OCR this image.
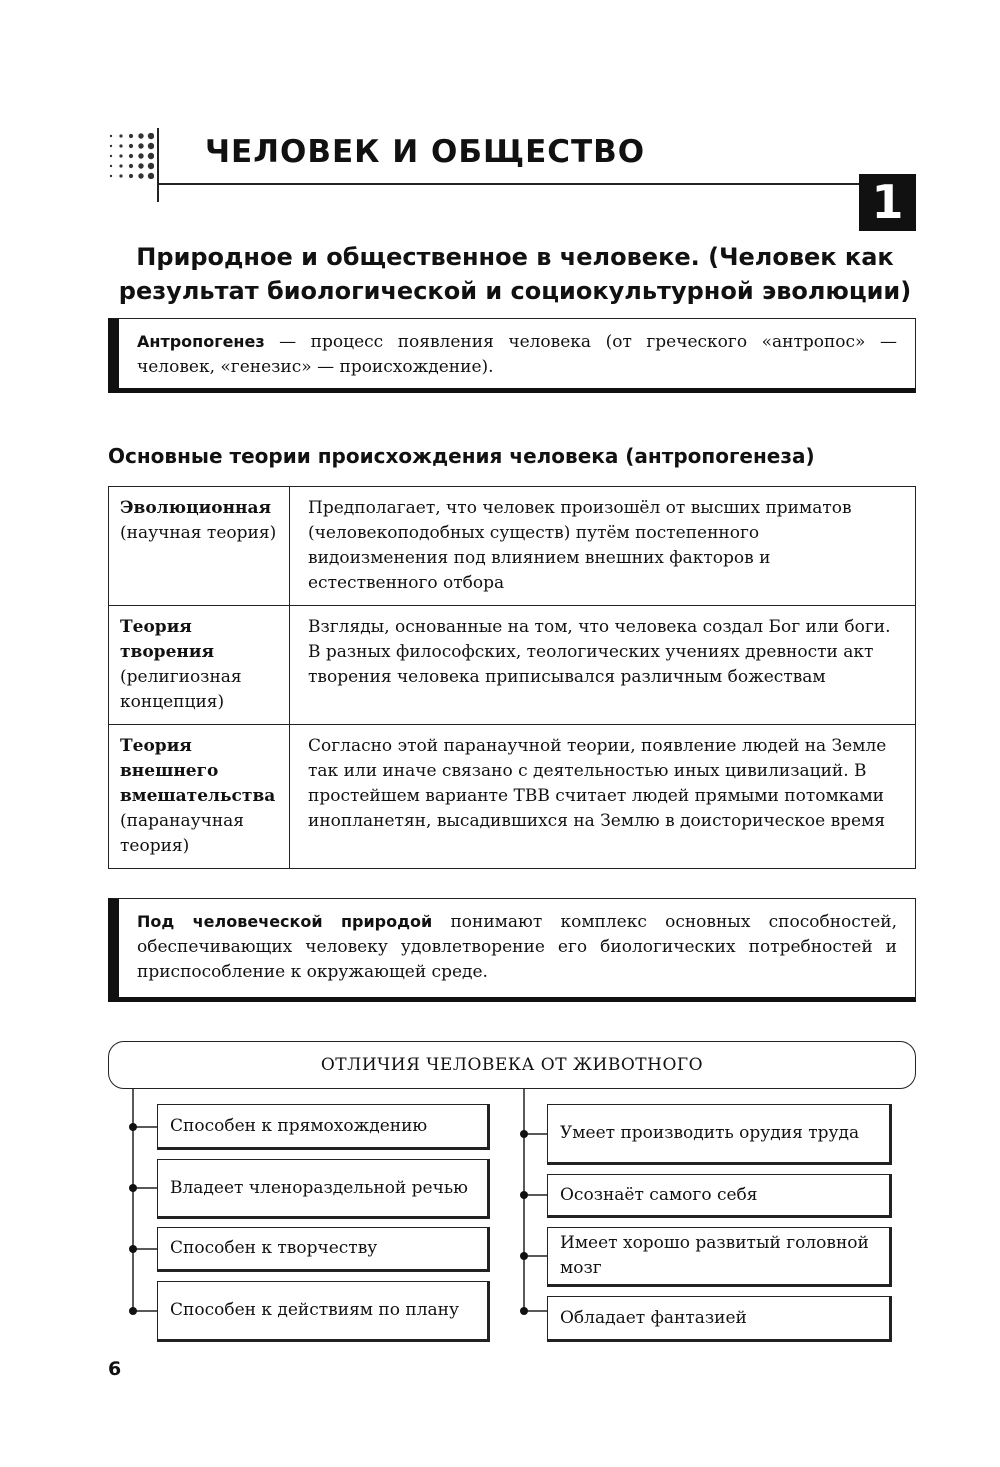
ЧЕЛОВЕК И ОБЩЕСТВО
1
Природное и общественное в человеке. (Человек как
результат биологической и социокультурной эволюции)
Антропогенез — процесс появления человека (от греческого «антропос» — человек, «генезис» — происхождение).
Основные теории происхождения человека (антропогенеза)
Эволюционная (научная теория)	Предполагает, что человек произошёл от высших приматов (человекоподобных существ) путём постепенного видоизменения под влиянием внешних факторов и естественного отбора
Теория творения (религиозная концепция)	Взгляды, основанные на том, что человека создал Бог или боги. В разных философских, теологических учениях древности акт творения человека приписывался различным божествам
Теория внешнего вмешательства (паранаучная теория)	Согласно этой паранаучной теории, появление людей на Земле так или иначе связано с деятельностью иных цивилизаций. В простейшем варианте ТВВ считает людей прямыми потомками инопланетян, высадившихся на Землю в доисторическое время
Под человеческой природой понимают комплекс основных способностей, обеспечивающих человеку удовлетворение его биологических потребностей и приспособление к окружающей среде.
ОТЛИЧИЯ ЧЕЛОВЕКА ОТ ЖИВОТНОГО
Способен к прямохождению
Владеет членораздельной речью
Способен к творчеству
Способен к действиям по плану
Умеет производить орудия труда
Осознаёт самого себя
Имеет хорошо развитый головной мозг
Обладает фантазией
6
